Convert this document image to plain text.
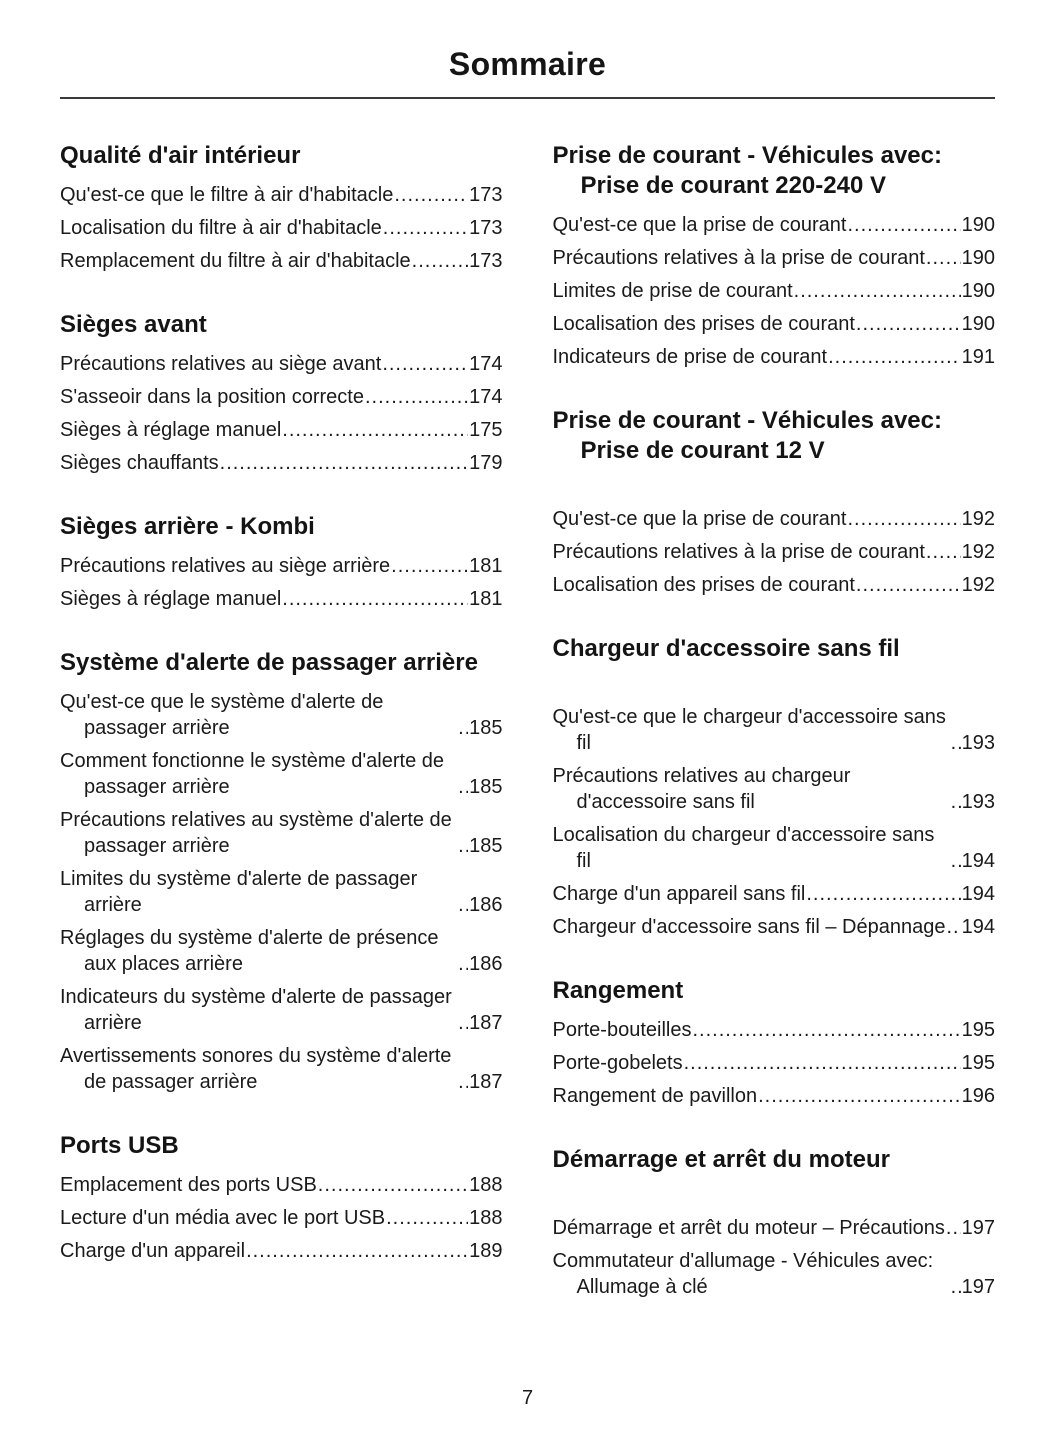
Sommaire
Qualité d'air intérieur
Qu'est-ce que le filtre à air d'habitacle .....	173
Localisation du filtre à air d'habitacle .....	173
Remplacement du filtre à air d'habitacle .....	173
Sièges avant
Précautions relatives au siège avant .....	174
S'asseoir dans la position correcte .....	174
Sièges à réglage manuel .....	175
Sièges chauffants .....	179
Sièges arrière - Kombi
Précautions relatives au siège arrière .....	181
Sièges à réglage manuel .....	181
Système d'alerte de passager arrière
Qu'est-ce que le système d'alerte de passager arrière .....	185
Comment fonctionne le système d'alerte de passager arrière .....	185
Précautions relatives au système d'alerte de passager arrière .....	185
Limites du système d'alerte de passager arrière .....	186
Réglages du système d'alerte de présence aux places arrière .....	186
Indicateurs du système d'alerte de passager arrière .....	187
Avertissements sonores du système d'alerte de passager arrière .....	187
Ports USB
Emplacement des ports USB .....	188
Lecture d'un média avec le port USB .....	188
Charge d'un appareil .....	189
Prise de courant - Véhicules avec: Prise de courant 220-240 V
Qu'est-ce que la prise de courant .....	190
Précautions relatives à la prise de courant ..... 190
Limites de prise de courant .....	190
Localisation des prises de courant .....	190
Indicateurs de prise de courant .....	191
Prise de courant - Véhicules avec: Prise de courant 12 V
Qu'est-ce que la prise de courant .....	192
Précautions relatives à la prise de courant ..... 192
Localisation des prises de courant .....	192
Chargeur d'accessoire sans fil
Qu'est-ce que le chargeur d'accessoire sans fil .....	193
Précautions relatives au chargeur d'accessoire sans fil .....	193
Localisation du chargeur d'accessoire sans fil .....	194
Charge d'un appareil sans fil .....	194
Chargeur d'accessoire sans fil – Dépannage ..... 194
Rangement
Porte-bouteilles .....	195
Porte-gobelets .....	195
Rangement de pavillon .....	196
Démarrage et arrêt du moteur
Démarrage et arrêt du moteur – Précautions ..... 197
Commutateur d'allumage - Véhicules avec: Allumage à clé .....	197
7
